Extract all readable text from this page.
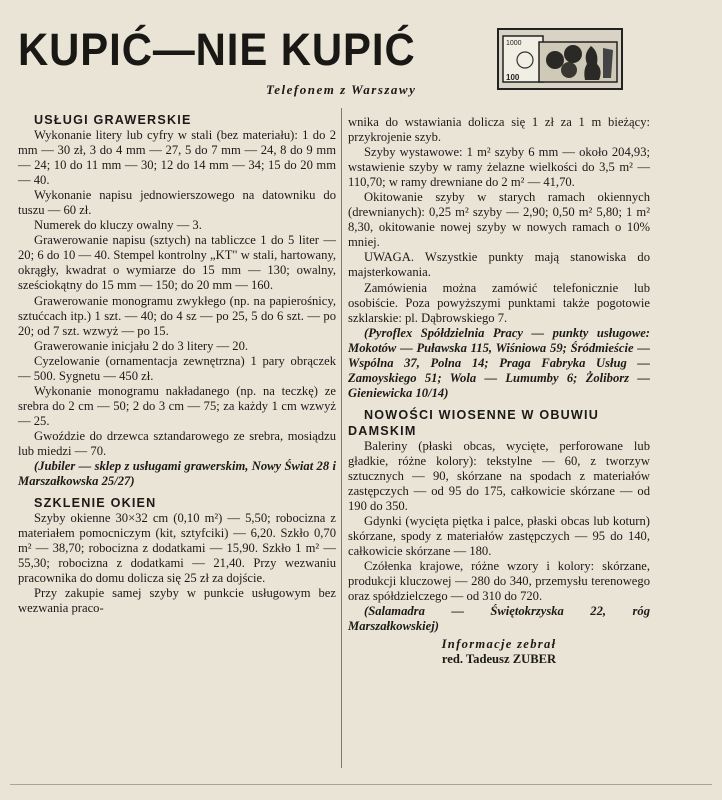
KUPIĆ—NIE KUPIĆ	1000
100
Telefonem z Warszawy
USŁUGI GRAWERSKIE

Wykonanie litery lub cyfry w stali (bez materiału): 1 do 2 mm — 30 zł, 3 do 4 mm — 27, 5 do 7 mm — 24, 8 do 9 mm — 24; 10 do 11 mm — 30; 12 do 14 mm — 34; 15 do 20 mm — 40.

Wykonanie napisu jednowierszowego na datowniku do tuszu — 60 zł.

Numerek do kluczy owalny — 3.

Grawerowanie napisu (sztych) na tabliczce 1 do 5 liter — 20; 6 do 10 — 40. Stempel kontrolny „KT" w stali, hartowany, okrągły, kwadrat o wymiarze do 15 mm — 130; owalny, sześciokątny do 15 mm — 150; do 20 mm — 160.

Grawerowanie monogramu zwykłego (np. na papierośnicy, sztućcach itp.) 1 szt. — 40; do 4 sz — po 25, 5 do 6 szt. — po 20; od 7 szt. wzwyż — po 15.

Grawerowanie inicjału 2 do 3 litery — 20.

Cyzelowanie (ornamentacja zewnętrzna) 1 pary obrączek — 500. Sygnetu — 450 zł.

Wykonanie monogramu nakładanego (np. na teczkę) ze srebra do 2 cm — 50; 2 do 3 cm — 75; za każdy 1 cm wzwyż — 25.

Gwoździe do drzewca sztandarowego ze srebra, mosiądzu lub miedzi — 70.

(Jubiler — sklep z usługami grawerskim, Nowy Świat 28 i Marszałkowska 25/27)

SZKLENIE OKIEN

Szyby okienne 30×32 cm (0,10 m²) — 5,50; robocizna z materiałem pomocniczym (kit, sztyfciki) — 6,20. Szkło 0,70 m² — 38,70; robocizna z dodatkami — 15,90. Szkło 1 m² — 55,30; robocizna z dodatkami — 21,40. Przy wezwaniu pracownika do domu dolicza się 25 zł za dojście.

Przy zakupie samej szyby w punkcie usługowym bez wezwania praco-

wnika do wstawiania dolicza się 1 zł za 1 m bieżący: przykrojenie szyb.

Szyby wystawowe: 1 m² szyby 6 mm — około 204,93; wstawienie szyby w ramy żelazne wielkości do 3,5 m² — 110,70; w ramy drewniane do 2 m² — 41,70.

Okitowanie szyby w starych ramach okiennych (drewnianych): 0,25 m² szyby — 2,90; 0,50 m² 5,80; 1 m² 8,30, okitowanie nowej szyby w nowych ramach o 10% mniej.

UWAGA. Wszystkie punkty mają stanowiska do majsterkowania.

Zamówienia można zamówić telefonicznie lub osobiście. Poza powyższymi punktami także pogotowie szklarskie: pl. Dąbrowskiego 7.

(Pyroflex Spółdzielnia Pracy — punkty usługowe: Mokotów — Puławska 115, Wiśniowa 59; Śródmieście — Wspólna 37, Polna 14; Praga Fabryka Usług — Zamoyskiego 51; Wola — Lumumby 6; Żoliborz — Gieniewicka 10/14)

NOWOŚCI WIOSENNE W OBUWIU DAMSKIM

Baleriny (płaski obcas, wycięte, perforowane lub gładkie, różne kolory): tekstylne — 60, z tworzyw sztucznych — 90, skórzane na spodach z materiałów zastępczych — od 95 do 175, całkowicie skórzane — od 190 do 350.

Gdynki (wycięta piętka i palce, płaski obcas lub koturn) skórzane, spody z materiałów zastępczych — 95 do 140, całkowicie skórzane — 180.

Czółenka krajowe, różne wzory i kolory: skórzane, produkcji kluczowej — 280 do 340, przemysłu terenowego oraz spółdzielczego — od 310 do 720.

(Salamadra — Świętokrzyska 22, róg Marszałkowskiej)

Informacje zebrał
red. Tadeusz ZUBER
